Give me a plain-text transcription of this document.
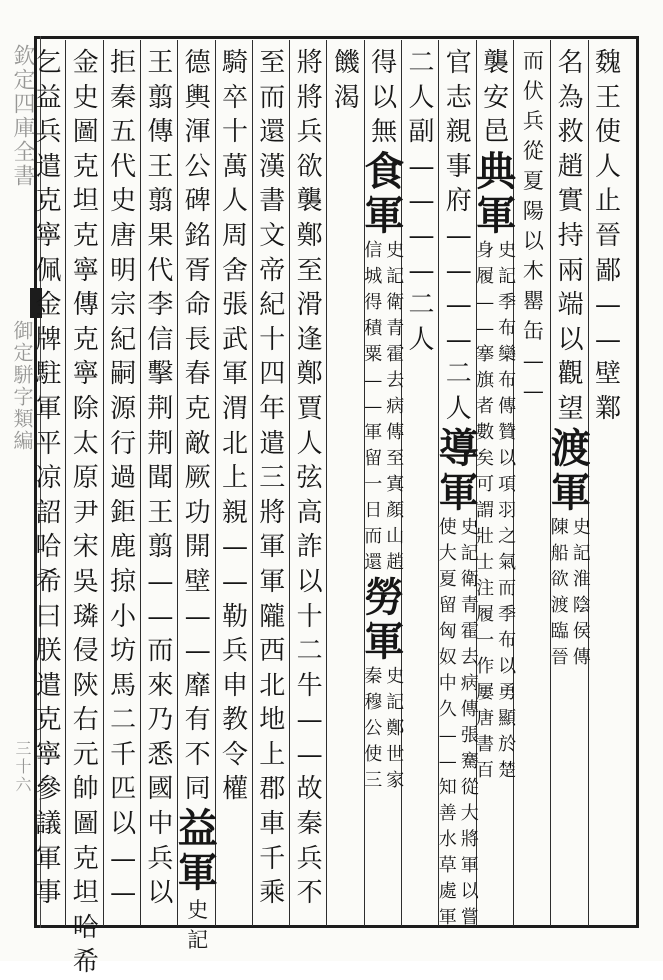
欽定四庫全書
御定駢字類編
三十六
魏
王
使
人
止
晉
鄙
—
—
壁
鄴
名
為
救
趙
實
持
兩
端
以
觀
望
渡
軍
史
記
淮
陰
侯
傳
陳
船
欲
渡
臨
晉
而
伏
兵
從
夏
陽
以
木
罌
缶
—
—
襲
安
邑
典
軍
史
記
季
布
欒
布
傳
贊
以
項
羽
之
氣
而
季
布
以
勇
顯
於
楚
身
履
—
—
搴
旗
者
數
矣
可
謂
壯
士
注
履
一
作
屢
唐
書
百
官
志
親
事
府
—
—
—
—
二
人
導
軍
史
記
衛
青
霍
去
病
傳
張
騫
從
大
將
軍
以
嘗
使
大
夏
留
匈
奴
中
久
—
—
知
善
水
草
處
軍
二
人
副
—
—
—
—
二
人
得
以
無
食
軍
史
記
衛
青
霍
去
病
傳
至
寘
顏
山
趙
信
城
得
積
粟
—
—
軍
留
一
日
而
還
勞
軍
史
記
鄭
世
家
秦
穆
公
使
三
饑
渴
將
將
兵
欲
襲
鄭
至
滑
逢
鄭
賈
人
弦
高
詐
以
十
二
牛
—
—
故
秦
兵
不
至
而
還
漢
書
文
帝
紀
十
四
年
遣
三
將
軍
軍
隴
西
北
地
上
郡
車
千
乘
騎
卒
十
萬
人
周
舍
張
武
軍
渭
北
上
親
—
—
勒
兵
申
教
令
權
德
輿
渾
公
碑
銘
胥
命
長
春
克
敵
厥
功
開
壁
—
—
靡
有
不
同
益
軍
史
記
王
翦
傳
王
翦
果
代
李
信
擊
荆
荆
聞
王
翦
—
—
而
來
乃
悉
國
中
兵
以
拒
秦
五
代
史
唐
明
宗
紀
嗣
源
行
過
鉅
鹿
掠
小
坊
馬
二
千
匹
以
—
—
金
史
圖
克
坦
克
寧
傳
克
寧
除
太
原
尹
宋
吳
璘
侵
陝
右
元
帥
圖
克
坦
哈
希
乞
益
兵
遣
克
寧
佩
金
牌
駐
軍
平
凉
詔
哈
希
曰
朕
遣
克
寧
參
議
軍
事
